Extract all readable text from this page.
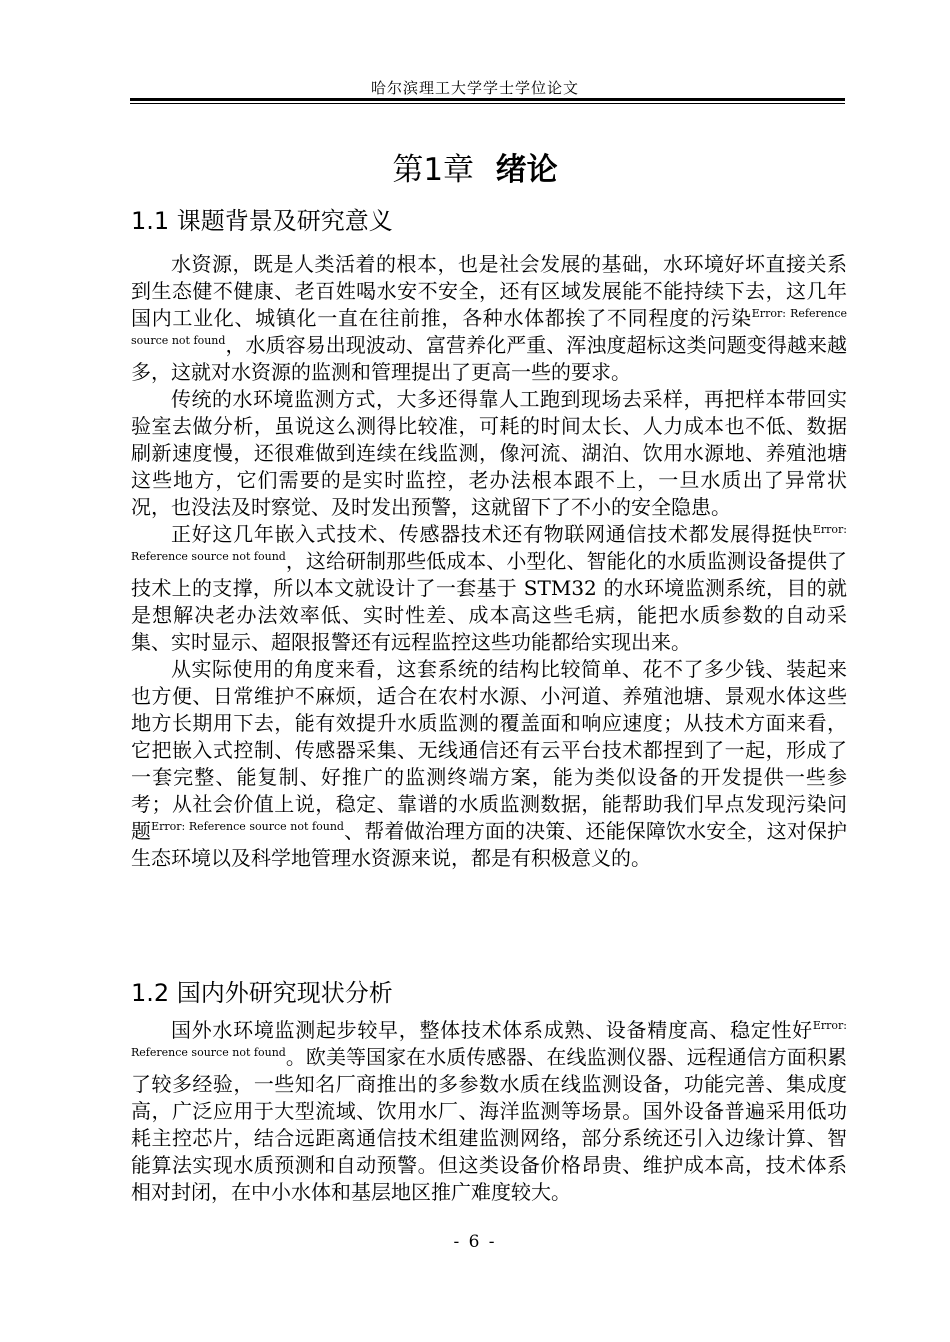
哈尔滨理工大学学士学位论文
第1章 绪论
1.1 课题背景及研究意义

水资源，既是人类活着的根本，也是社会发展的基础，水环境好坏直接关系到生态健不健康、老百姓喝水安不安全，还有区域发展能不能持续下去，这几年国内工业化、城镇化一直在往前推，各种水体都挨了不同程度的污染$^{Error: Reference source not found}$，水质容易出现波动、富营养化严重、浑浊度超标这类问题变得越来越多，这就对水资源的监测和管理提出了更高一些的要求。

传统的水环境监测方式，大多还得靠人工跑到现场去采样，再把样本带回实验室去做分析，虽说这么测得比较准，可耗的时间太长、人力成本也不低、数据刷新速度慢，还很难做到连续在线监测，像河流、湖泊、饮用水源地、养殖池塘这些地方，它们需要的是实时监控，老办法根本跟不上，一旦水质出了异常状况，也没法及时察觉、及时发出预警，这就留下了不小的安全隐患。

正好这几年嵌入式技术、传感器技术还有物联网通信技术都发展得挺快$^{Error: Reference source not found}$，这给研制那些低成本、小型化、智能化的水质监测设备提供了技术上的支撑，所以本文就设计了一套基于 STM32 的水环境监测系统，目的就是想解决老办法效率低、实时性差、成本高这些毛病，能把水质参数的自动采集、实时显示、超限报警还有远程监控这些功能都给实现出来。

从实际使用的角度来看，这套系统的结构比较简单、花不了多少钱、装起来也方便、日常维护不麻烦，适合在农村水源、小河道、养殖池塘、景观水体这些地方长期用下去，能有效提升水质监测的覆盖面和响应速度；从技术方面来看，它把嵌入式控制、传感器采集、无线通信还有云平台技术都捏到了一起，形成了一套完整、能复制、好推广的监测终端方案，能为类似设备的开发提供一些参考；从社会价值上说，稳定、靠谱的水质监测数据，能帮助我们早点发现污染问题$^{Error: Reference source not found}$、帮着做治理方面的决策、还能保障饮水安全，这对保护生态环境以及科学地管理水资源来说，都是有积极意义的。

1.2 国内外研究现状分析

国外水环境监测起步较早，整体技术体系成熟、设备精度高、稳定性好$^{Error: Reference source not found}$。欧美等国家在水质传感器、在线监测仪器、远程通信方面积累了较多经验，一些知名厂商推出的多参数水质在线监测设备，功能完善、集成度高，广泛应用于大型流域、饮用水厂、海洋监测等场景。国外设备普遍采用低功耗主控芯片，结合远距离通信技术组建监测网络，部分系统还引入边缘计算、智能算法实现水质预测和自动预警。但这类设备价格昂贵、维护成本高，技术体系相对封闭，在中小水体和基层地区推广难度较大。

- 6 -
